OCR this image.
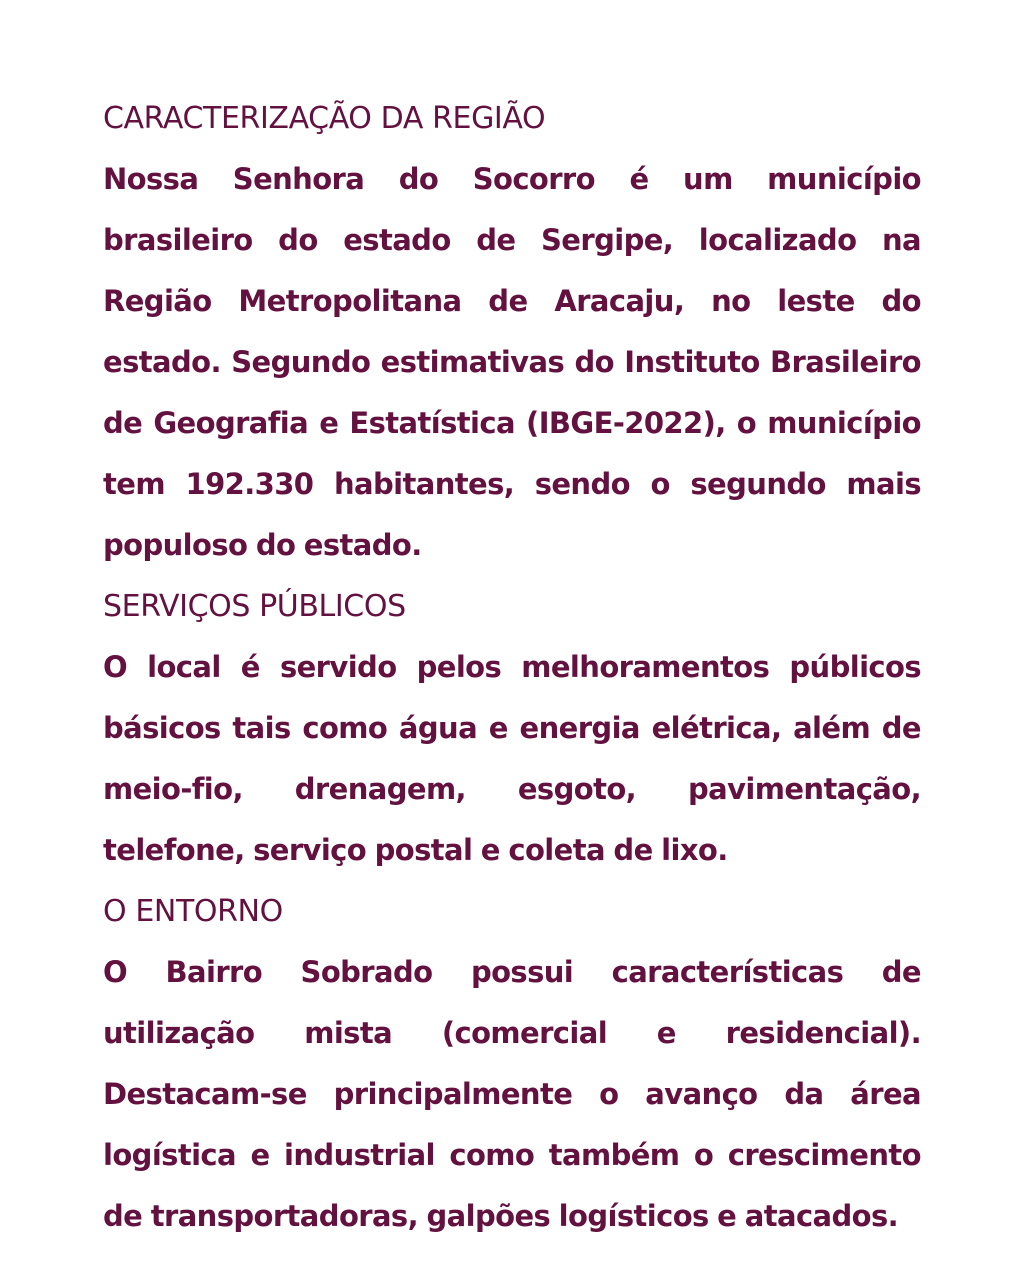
CARACTERIZAÇÃO DA REGIÃO

Nossa Senhora do Socorro é um município brasileiro do estado de Sergipe, localizado na Região Metropolitana de Aracaju, no leste do estado. Segundo estimativas do Instituto Brasileiro de Geografia e Estatística (IBGE-2022), o município tem 192.330 habitantes, sendo o segundo mais populoso do estado.

SERVIÇOS PÚBLICOS

O local é servido pelos melhoramentos públicos básicos tais como água e energia elétrica, além de meio-fio, drenagem, esgoto, pavimentação, telefone, serviço postal e coleta de lixo.

O ENTORNO

O Bairro Sobrado possui características de utilização mista (comercial e residencial). Destacam-se principalmente o avanço da área logística e industrial como também o crescimento de transportadoras, galpões logísticos e atacados.
